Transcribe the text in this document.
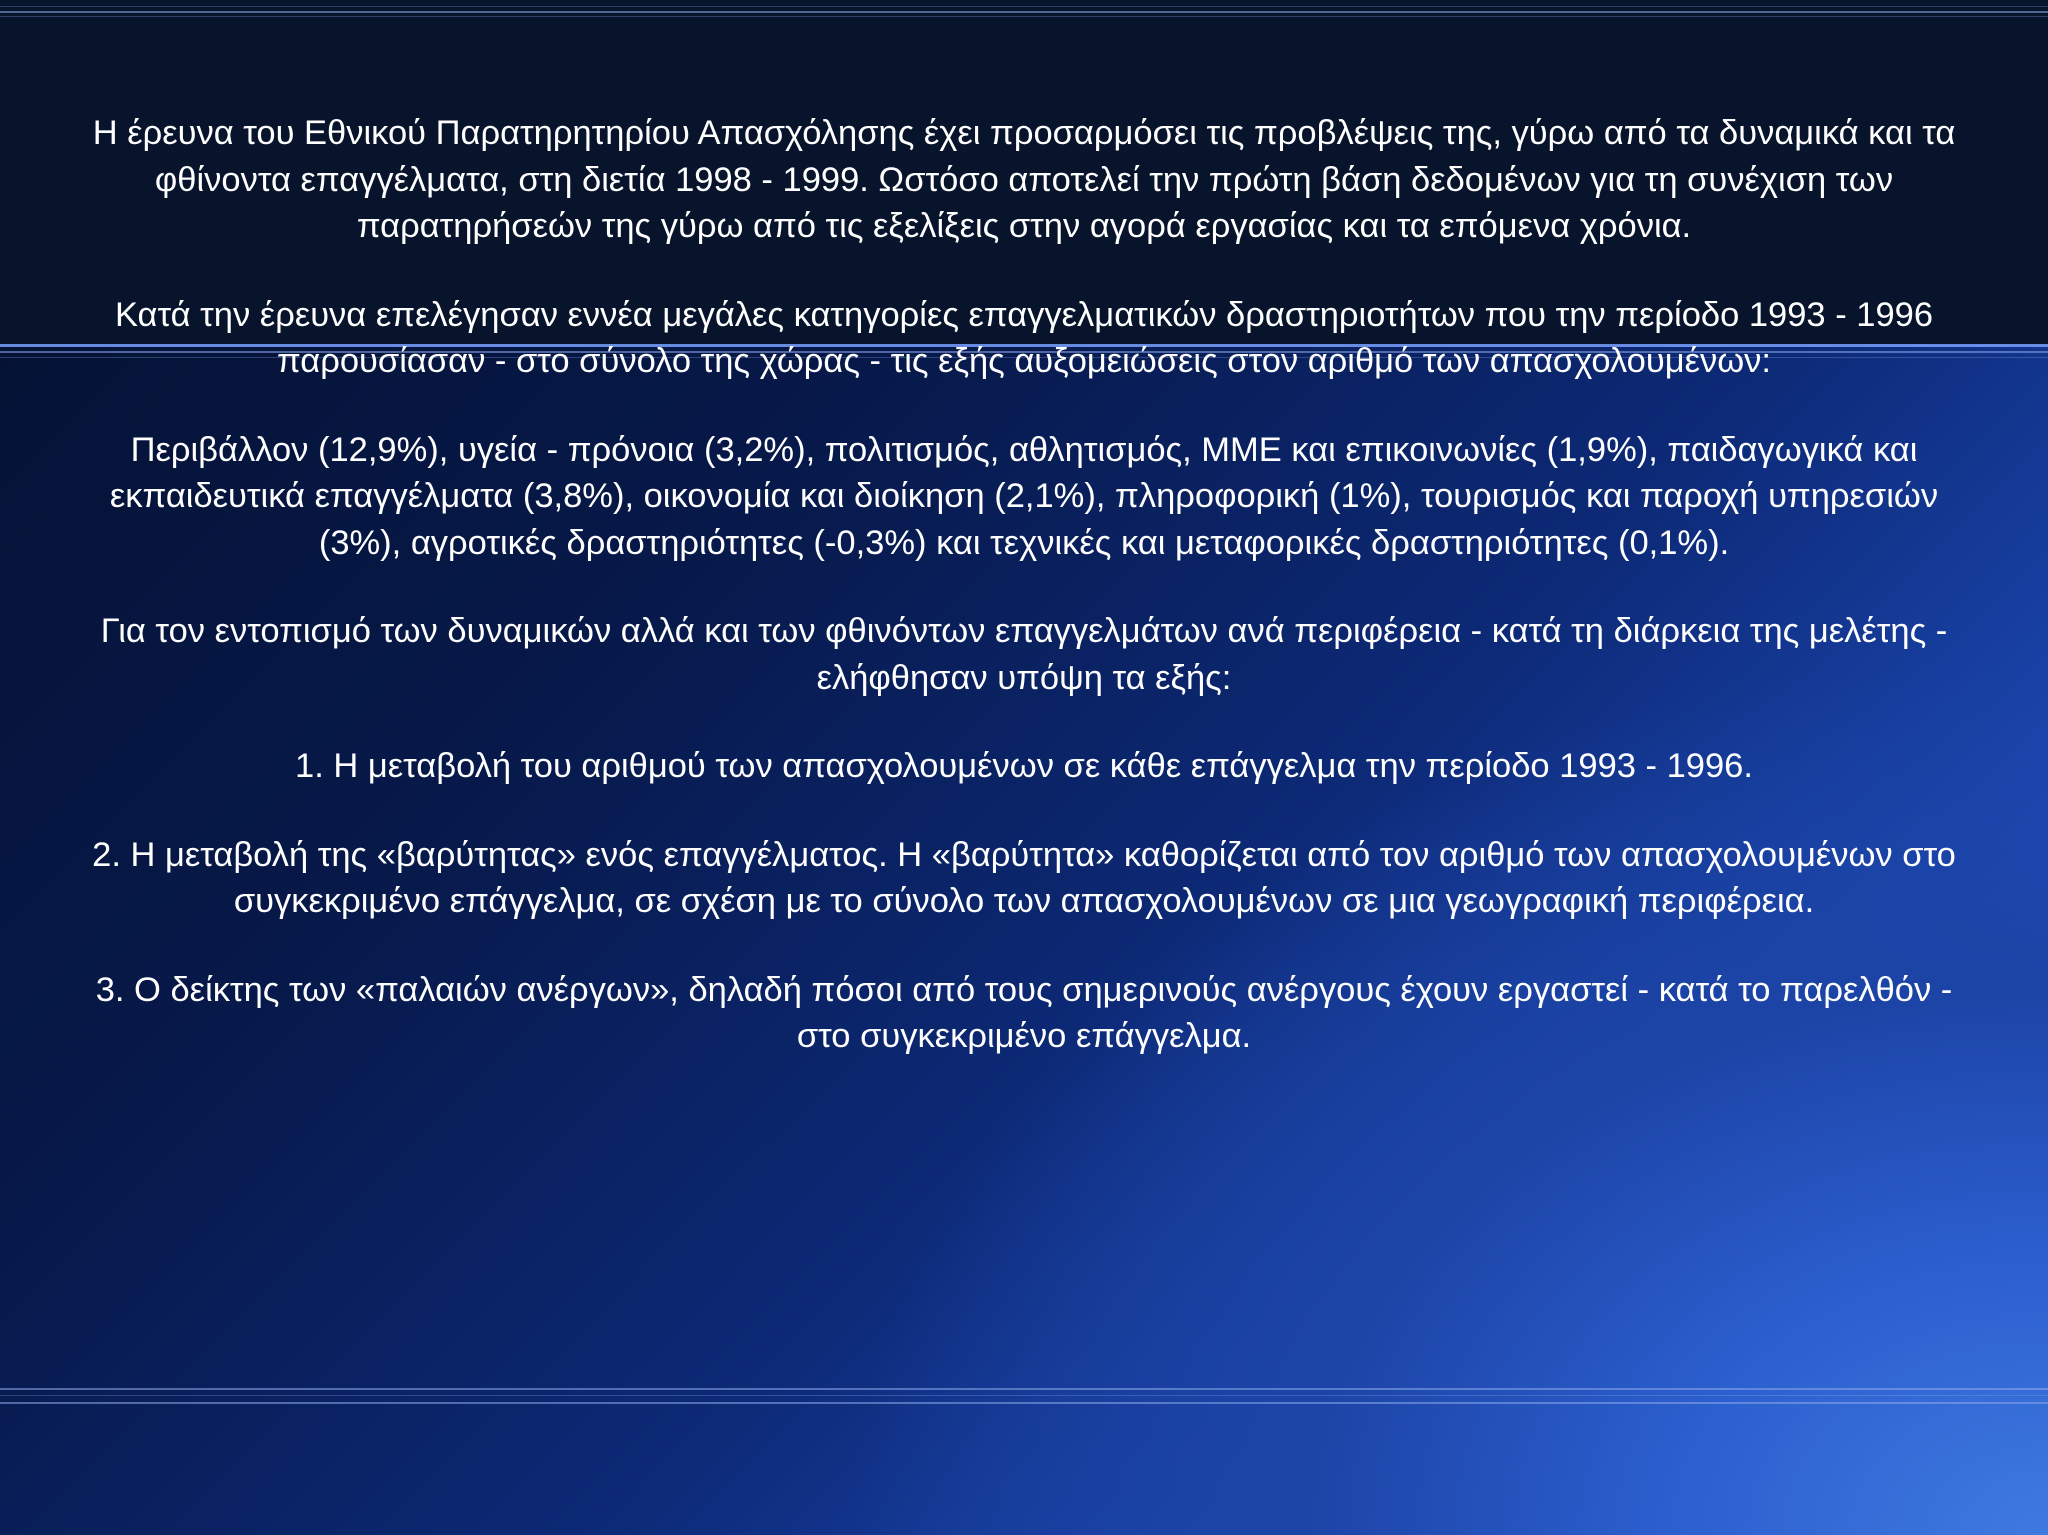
Η έρευνα του Εθνικού Παρατηρητηρίου Απασχόλησης έχει προσαρμόσει τις προβλέψεις της, γύρω από τα δυναμικά και τα φθίνοντα επαγγέλματα, στη διετία 1998 - 1999. Ωστόσο αποτελεί την πρώτη βάση δεδομένων για τη συνέχιση των παρατηρήσεών της γύρω από τις εξελίξεις στην αγορά εργασίας και τα επόμενα χρόνια.

Κατά την έρευνα επελέγησαν εννέα μεγάλες κατηγορίες επαγγελματικών δραστηριοτήτων που την περίοδο 1993 - 1996 παρουσίασαν - στο σύνολο της χώρας - τις εξής αυξομειώσεις στον αριθμό των απασχολουμένων:

Περιβάλλον (12,9%), υγεία - πρόνοια (3,2%), πολιτισμός, αθλητισμός, ΜΜΕ και επικοινωνίες (1,9%), παιδαγωγικά και εκπαιδευτικά επαγγέλματα (3,8%), οικονομία και διοίκηση (2,1%), πληροφορική (1%), τουρισμός και παροχή υπηρεσιών (3%), αγροτικές δραστηριότητες (-0,3%) και τεχνικές και μεταφορικές δραστηριότητες (0,1%).

Για τον εντοπισμό των δυναμικών αλλά και των φθινόντων επαγγελμάτων ανά περιφέρεια - κατά τη διάρκεια της μελέτης - ελήφθησαν υπόψη τα εξής:

1. Η μεταβολή του αριθμού των απασχολουμένων σε κάθε επάγγελμα την περίοδο 1993 - 1996.

2. Η μεταβολή της «βαρύτητας» ενός επαγγέλματος. Η «βαρύτητα» καθορίζεται από τον αριθμό των απασχολουμένων στο συγκεκριμένο επάγγελμα, σε σχέση με το σύνολο των απασχολουμένων σε μια γεωγραφική περιφέρεια.

3. Ο δείκτης των «παλαιών ανέργων», δηλαδή πόσοι από τους σημερινούς ανέργους έχουν εργαστεί - κατά το παρελθόν - στο συγκεκριμένο επάγγελμα.
